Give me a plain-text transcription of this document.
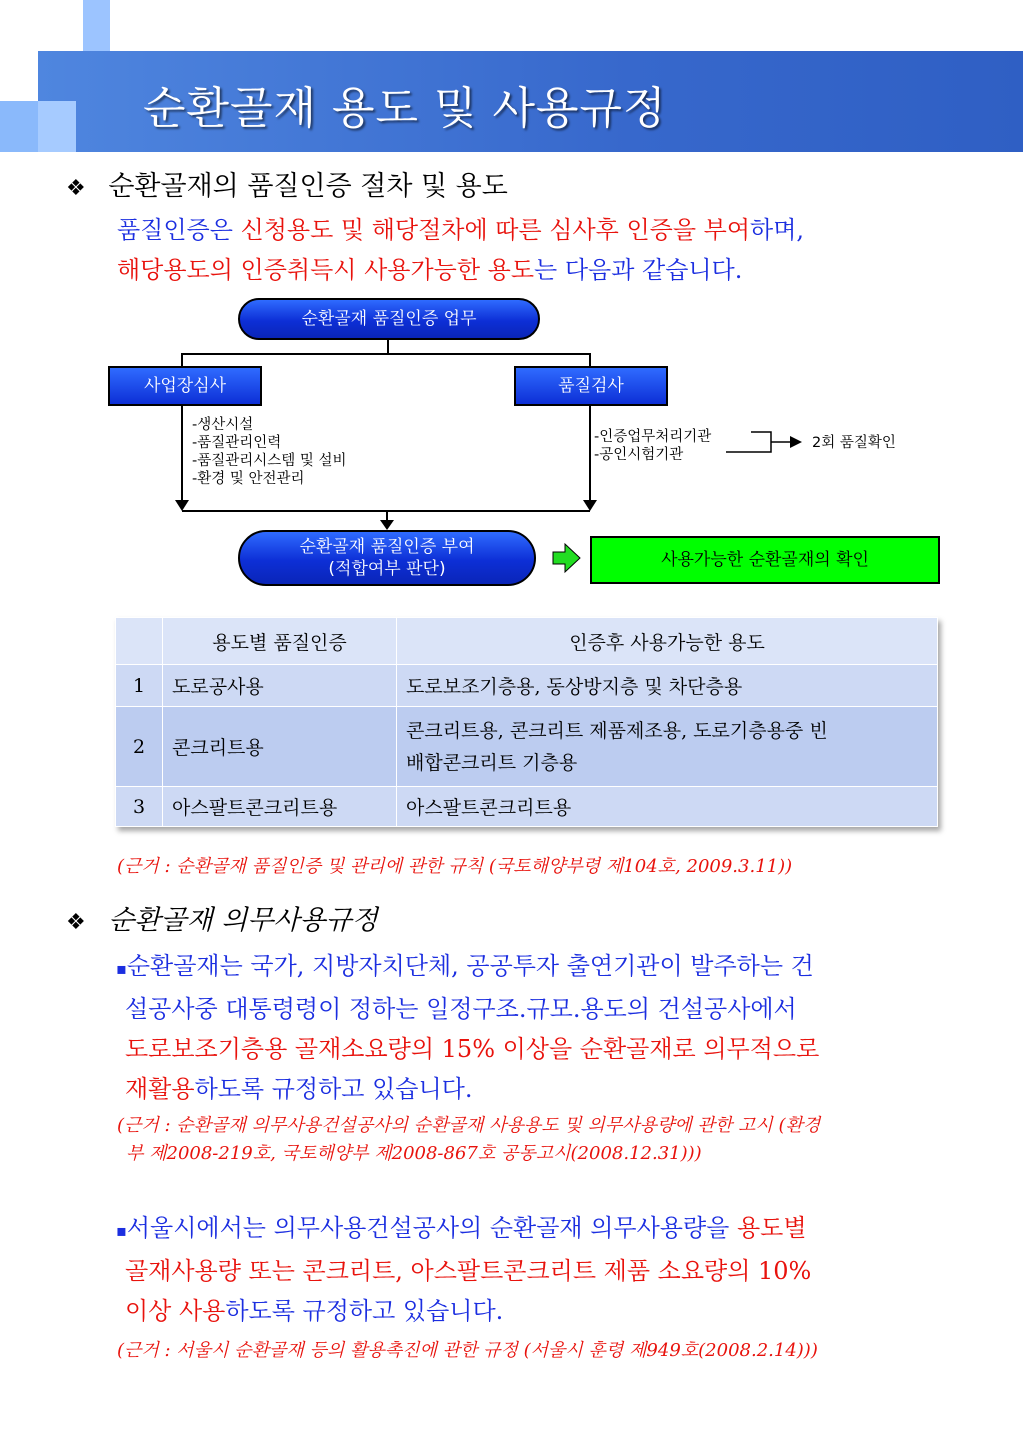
순환골재 용도 및 사용규정
❖ 순환골재의 품질인증 절차 및 용도
품질인증은 신청용도 및 해당절차에 따른 심사후 인증을 부여하며,
해당용도의 인증취득시 사용가능한 용도는 다음과 같습니다.
순환골재 품질인증 업무
사업장심사	품질검사
-생산시설
-품질관리인력
-품질관리시스템 및 설비
-환경 및 안전관리
-인증업무처리기관
-공인시험기관
2회 품질확인
순환골재 품질인증 부여
(적합여부 판단)	사용가능한 순환골재의 확인
	용도별 품질인증	인증후 사용가능한 용도
1	도로공사용	도로보조기층용, 동상방지층 및 차단층용
2	콘크리트용	콘크리트용, 콘크리트 제품제조용, 도로기층용중 빈
배합콘크리트 기층용

3	아스팔트콘크리트용	아스팔트콘크리트용
(근거 : 순환골재 품질인증 및 관리에 관한 규칙 (국토해양부령 제104호, 2009.3.11))
❖ 순환골재 의무사용규정
▪순환골재는 국가, 지방자치단체, 공공투자 출연기관이 발주하는 건
설공사중 대통령령이 정하는 일정구조.규모.용도의 건설공사에서
도로보조기층용 골재소요량의 15% 이상을 순환골재로 의무적으로
재활용하도록 규정하고 있습니다.
(근거 : 순환골재 의무사용건설공사의 순환골재 사용용도 및 의무사용량에 관한 고시 (환경
부 제2008-219호, 국토해양부 제2008-867호 공동고시(2008.12.31)))
▪서울시에서는 의무사용건설공사의 순환골재 의무사용량을 용도별
골재사용량 또는 콘크리트, 아스팔트콘크리트 제품 소요량의 10%
이상 사용하도록 규정하고 있습니다.
(근거 : 서울시 순환골재 등의 활용촉진에 관한 규정 (서울시 훈령 제949호(2008.2.14)))
